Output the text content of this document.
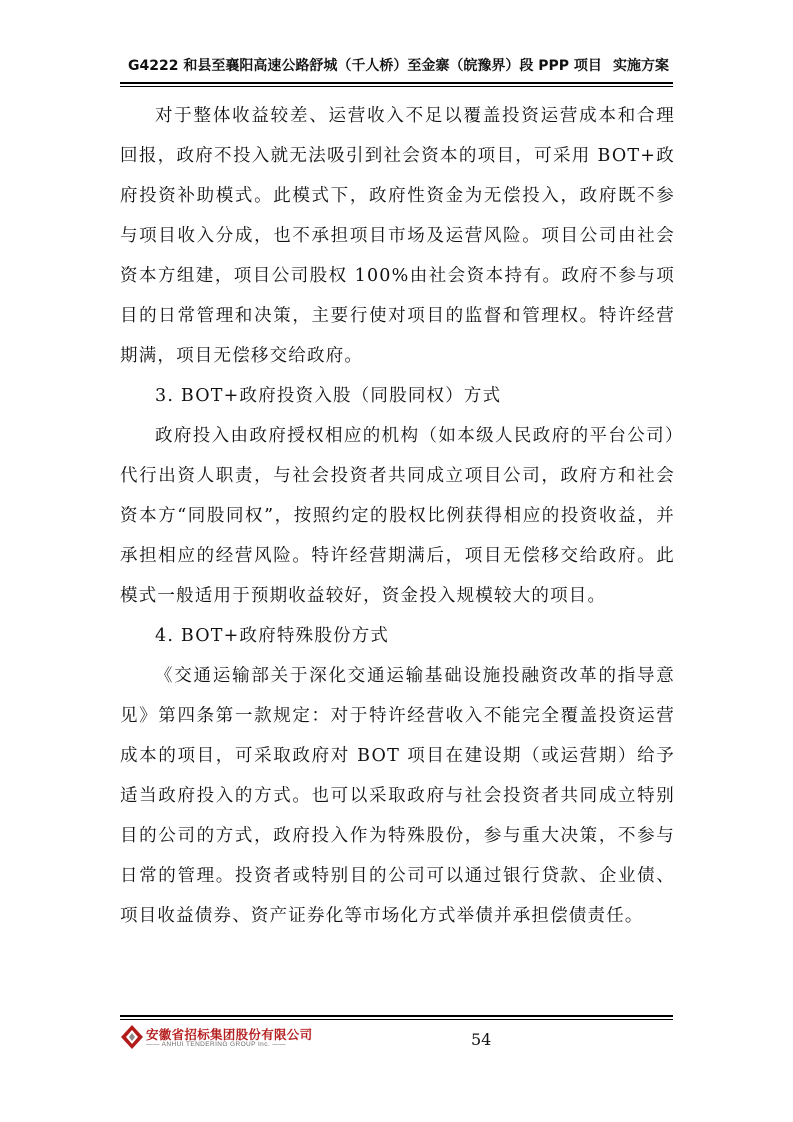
G4222 和县至襄阳高速公路舒城（千人桥）至金寨（皖豫界）段 PPP 项目 实施方案

对于整体收益较差、运营收入不足以覆盖投资运营成本和合理回报，政府不投入就无法吸引到社会资本的项目，可采用 BOT+政府投资补助模式。此模式下，政府性资金为无偿投入，政府既不参与项目收入分成，也不承担项目市场及运营风险。项目公司由社会资本方组建，项目公司股权 100%由社会资本持有。政府不参与项目的日常管理和决策，主要行使对项目的监督和管理权。特许经营期满，项目无偿移交给政府。

3. BOT+政府投资入股（同股同权）方式

政府投入由政府授权相应的机构（如本级人民政府的平台公司）代行出资人职责，与社会投资者共同成立项目公司，政府方和社会资本方“同股同权”，按照约定的股权比例获得相应的投资收益，并承担相应的经营风险。特许经营期满后，项目无偿移交给政府。此模式一般适用于预期收益较好，资金投入规模较大的项目。

4. BOT+政府特殊股份方式

《交通运输部关于深化交通运输基础设施投融资改革的指导意见》第四条第一款规定：对于特许经营收入不能完全覆盖投资运营成本的项目，可采取政府对 BOT 项目在建设期（或运营期）给予适当政府投入的方式。也可以采取政府与社会投资者共同成立特别目的公司的方式，政府投入作为特殊股份，参与重大决策，不参与日常的管理。投资者或特别目的公司可以通过银行贷款、企业债、项目收益债券、资产证券化等市场化方式举债并承担偿债责任。

安徽省招标集团股份有限公司
—— ANHUI TENDERING GROUP Inc. ——	54
